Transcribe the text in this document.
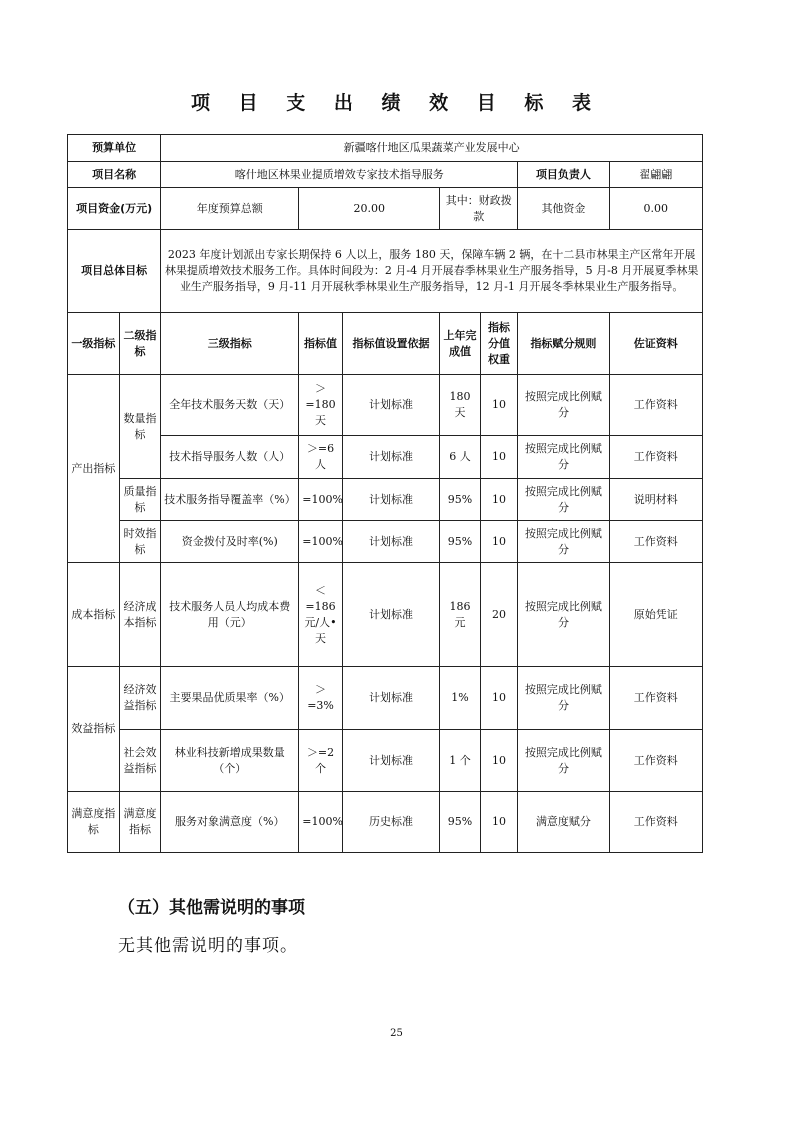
项 目 支 出 绩 效 目 标 表
预算单位		新疆喀什地区瓜果蔬菜产业发展中心						
项目名称		喀什地区林果业提质增效专家技术指导服务					项目负责人	翟翩翩
项目资金(万元)		年度预算总额	20.00		其中：财政拨款		其他资金	0.00
项目总体目标		2023 年度计划派出专家长期保持 6 人以上，服务 180 天，保障车辆 2 辆，在十二县市林果主产区常年开展林果提质增效技术服务工作。具体时间段为：2 月-4 月开展春季林果业生产服务指导，5 月-8 月开展夏季林果业生产服务指导，9 月-11 月开展秋季林果业生产服务指导，12 月-1 月开展冬季林果业生产服务指导。						
一级指标	二级指标	三级指标	指标值	指标值设置依据	上年完成值	指标分值权重	指标赋分规则	佐证资料
产出指标	数量指标	全年技术服务天数（天）	＞=180天	计划标准	180 天	10	按照完成比例赋分	工作资料
		技术指导服务人数（人）	＞=6人	计划标准	6 人	10	按照完成比例赋分	工作资料
	质量指标	技术服务指导覆盖率（%）	=100%	计划标准	95%	10	按照完成比例赋分	说明材料
	时效指标	资金拨付及时率(%)	=100%	计划标准	95%	10	按照完成比例赋分	工作资料
成本指标	经济成本指标	技术服务人员人均成本费用（元）	＜=186元/人•天	计划标准	186 元	20	按照完成比例赋分	原始凭证
效益指标	经济效益指标	主要果品优质果率（%）	＞=3%	计划标准	1%	10	按照完成比例赋分	工作资料
	社会效益指标	林业科技新增成果数量（个）	＞=2个	计划标准	1 个	10	按照完成比例赋分	工作资料
满意度指标	满意度指标	服务对象满意度（%）	=100%	历史标准	95%	10	满意度赋分	工作资料
（五）其他需说明的事项
无其他需说明的事项。
25
